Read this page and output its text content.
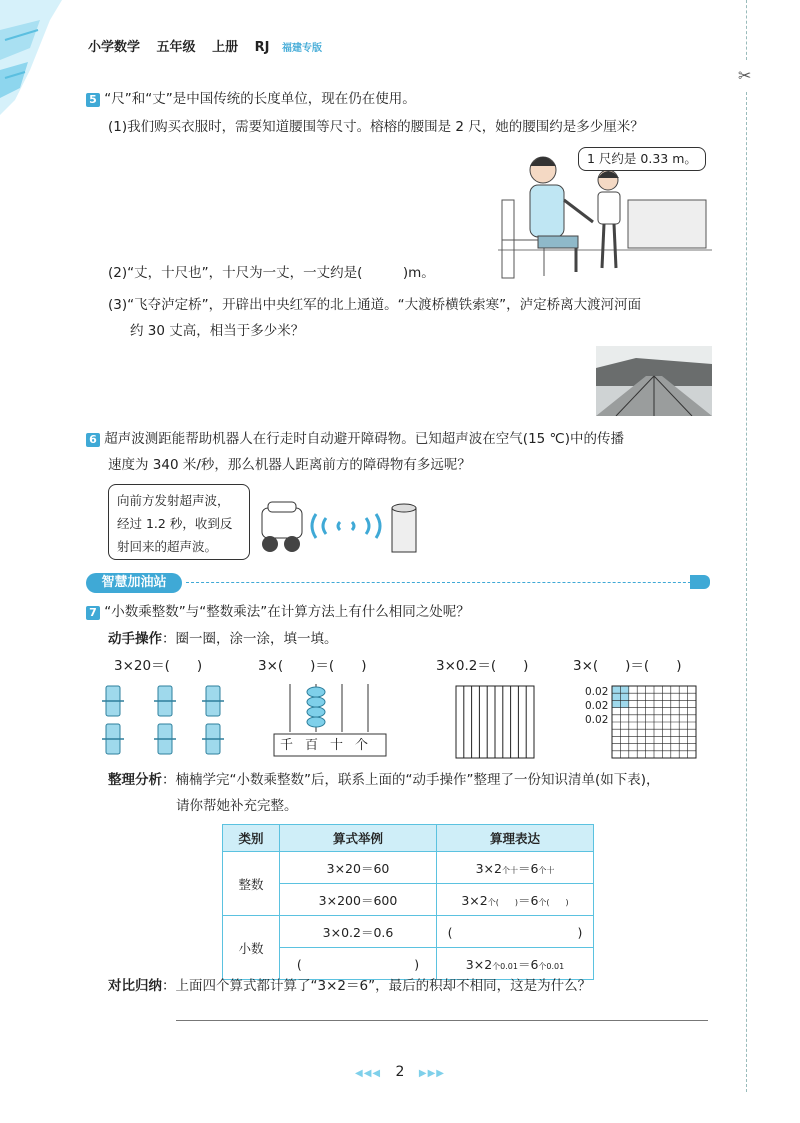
小学数学 五年级 上册 RJ 福建专版
✂
5 “尺”和“丈”是中国传统的长度单位，现在仍在使用。
(1)我们购买衣服时，需要知道腰围等尺寸。榕榕的腰围是 2 尺，她的腰围约是多少厘米？
1 尺约是 0.33 m。
(2)“丈，十尺也”，十尺为一丈，一丈约是(　　　)m。
(3)“飞夺泸定桥”，开辟出中央红军的北上通道。“大渡桥横铁索寒”，泸定桥离大渡河河面
约 30 丈高，相当于多少米？
6 超声波测距能帮助机器人在行走时自动避开障碍物。已知超声波在空气(15 ℃)中的传播
速度为 340 米/秒，那么机器人距离前方的障碍物有多远呢？
向前方发射超声波，
经过 1.2 秒，收到反
射回来的超声波。
智慧加油站
7 “小数乘整数”与“整数乘法”在计算方法上有什么相同之处呢？
动手操作：圈一圈，涂一涂，填一填。
3×20＝(　　)	3×(　　)＝(　　)	3×0.2＝(　　)	3×(　　)＝(　　)
千 百 十 个
0.02
0.02
0.02
整理分析：楠楠学完“小数乘整数”后，联系上面的“动手操作”整理了一份知识清单(如下表)，
请你帮她补充完整。
类别	算式举例	算理表达
整数	3×20＝60	3×2个十＝6个十
	3×200＝600	3×2个(　　)＝6个(　　)
小数	3×0.2＝0.6	(　　　　　　　　　　)
	(　　　　　　　　　)	3×2个0.01＝6个0.01
对比归纳：上面四个算式都计算了“3×2＝6”，最后的积却不相同，这是为什么？
◀◀◀ 2 ▶▶▶
